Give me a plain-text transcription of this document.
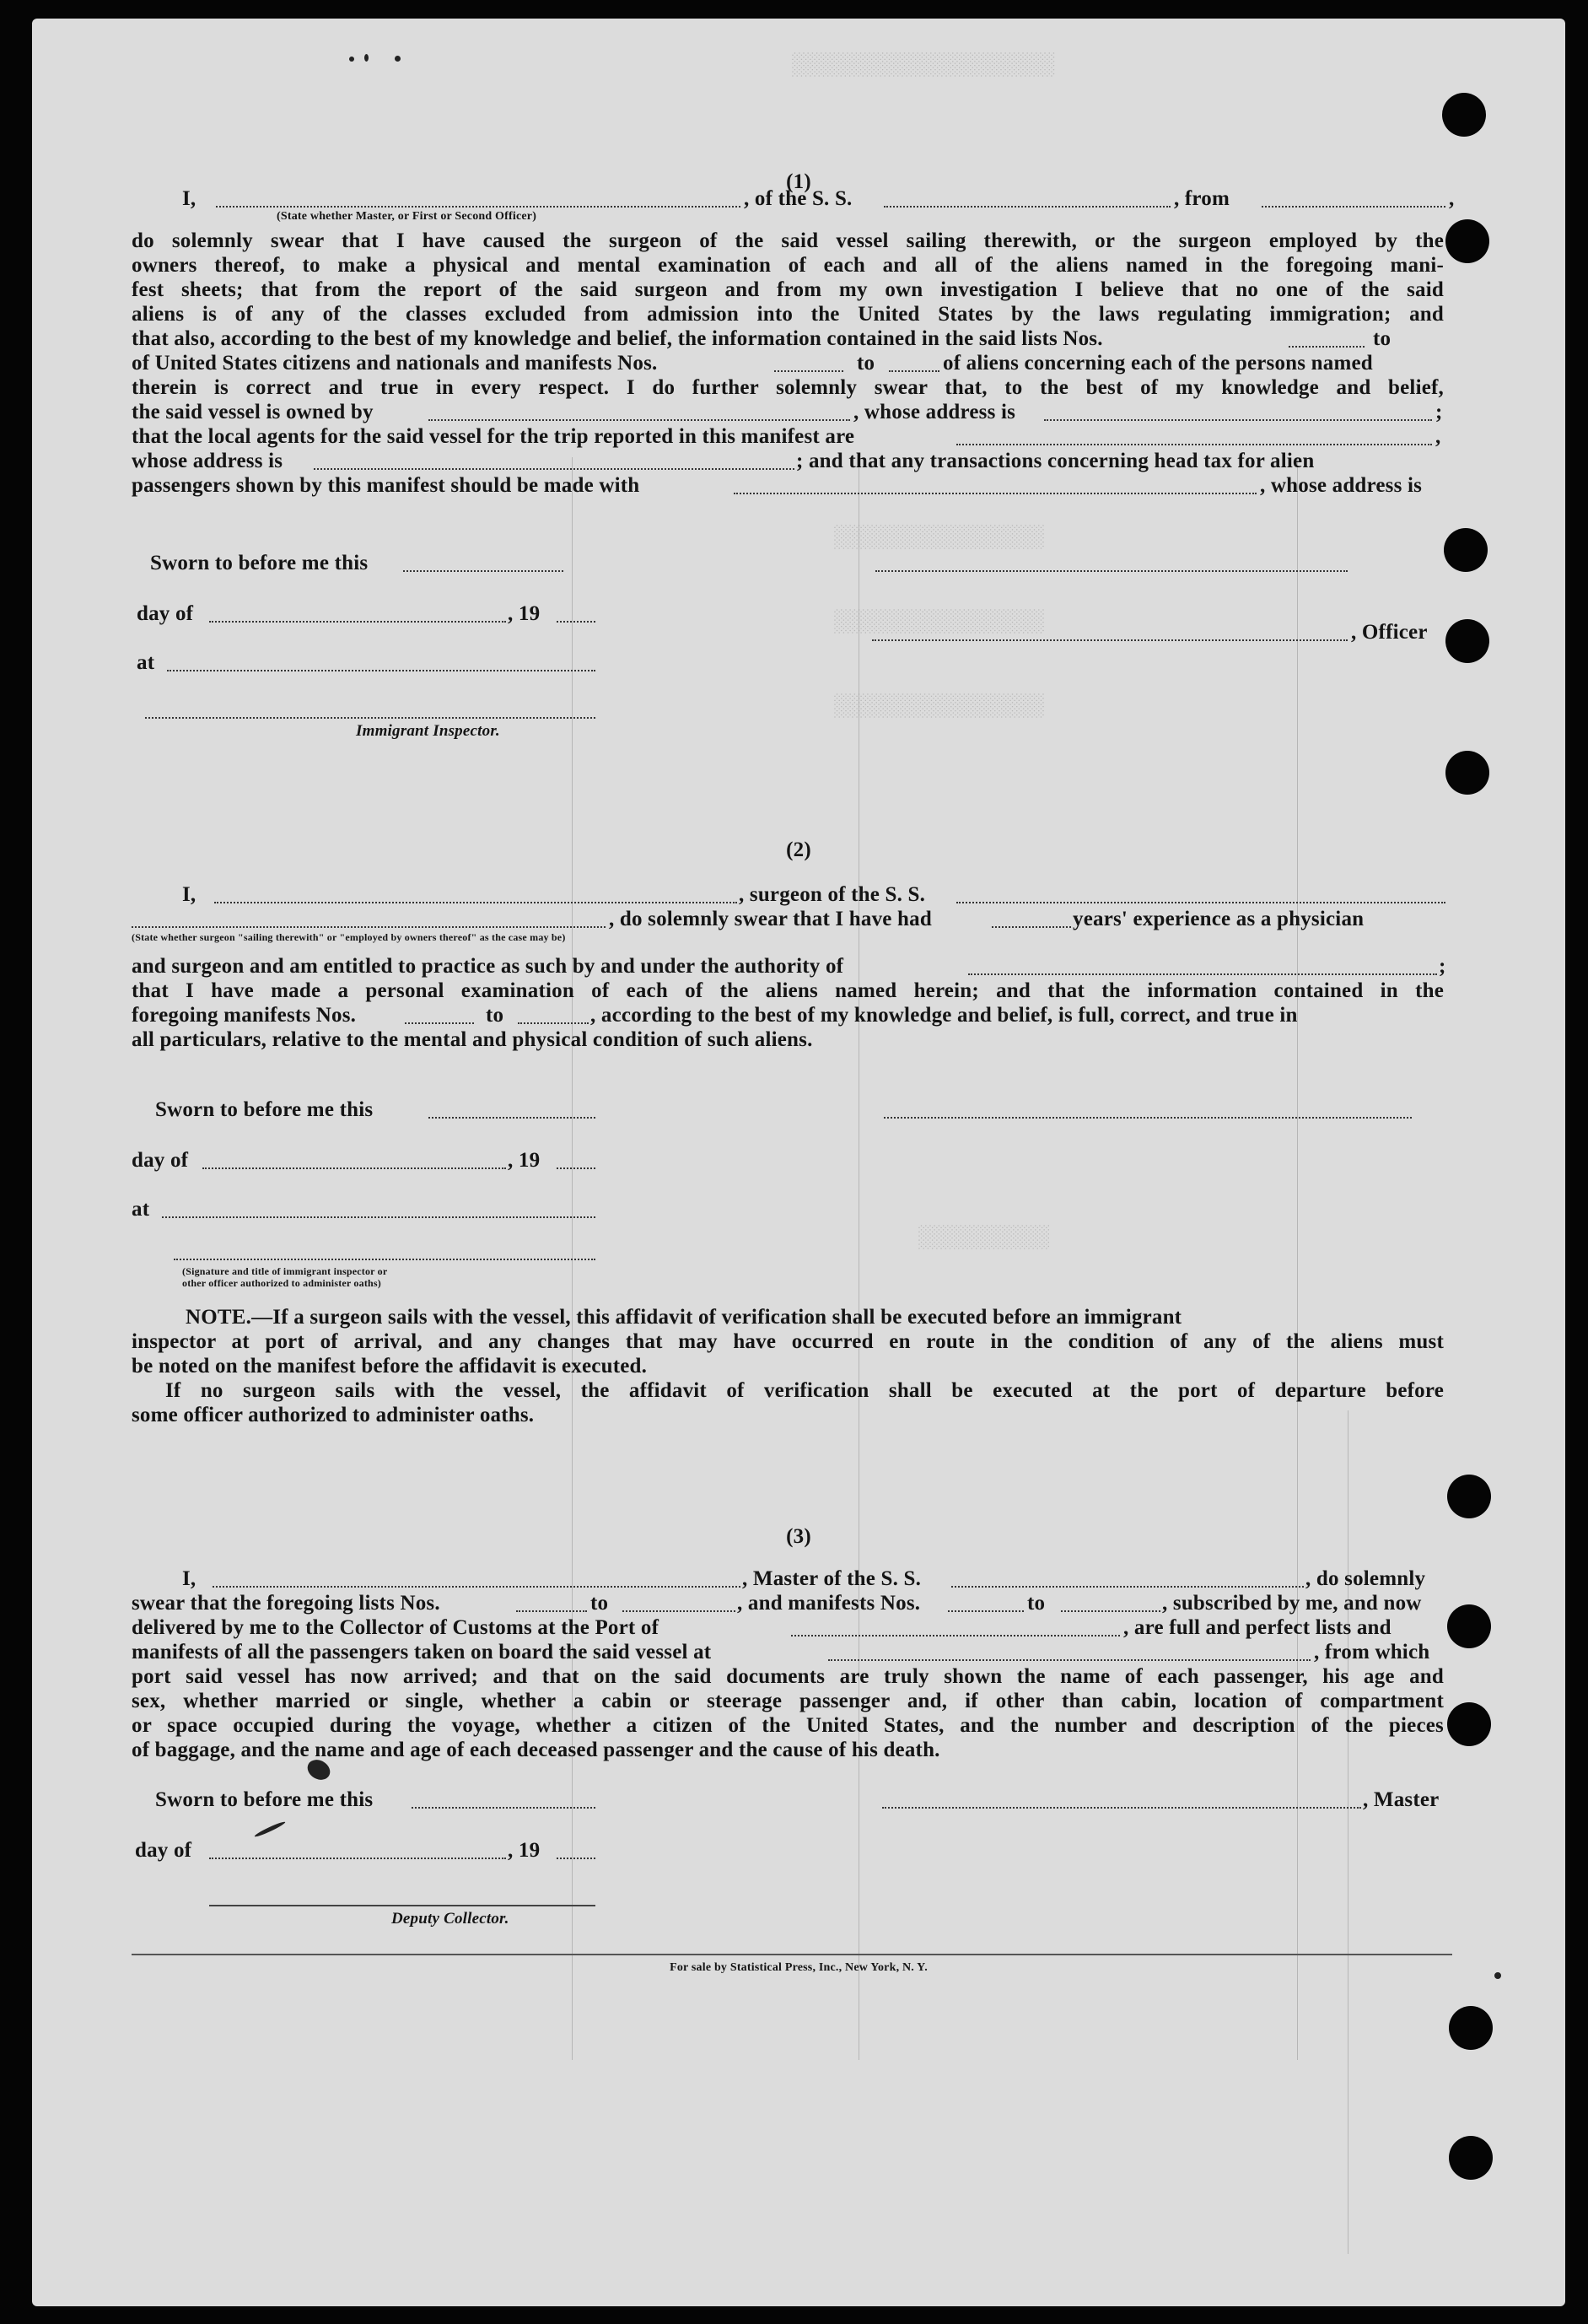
░░░░░░░░░░░░░░░░░░░░
░░░░░░░░░░░░░░░░
░░░░░░░░░░░░░░░░
░░░░░░░░░░░░░░░░
░░░░░░░░░░

(1)

I,	, of the S. S.	, from	,

(State whether Master, or First or Second Officer)

do solemnly swear that I have caused the surgeon of the said vessel sailing therewith, or the surgeon employed by the

owners thereof, to make a physical and mental examination of each and all of the aliens named in the foregoing mani-

fest sheets; that from the report of the said surgeon and from my own investigation I believe that no one of the said

aliens is of any of the classes excluded from admission into the United States by the laws regulating immigration; and

that also, according to the best of my knowledge and belief, the information contained in the said lists Nos.	to

of United States citizens and nationals and manifests Nos.	to	of aliens concerning each of the persons named

therein is correct and true in every respect. I do further solemnly swear that, to the best of my knowledge and belief,

the said vessel is owned by	, whose address is	;

that the local agents for the said vessel for the trip reported in this manifest are	,

whose address is	; and that any transactions concerning head tax for alien

passengers shown by this manifest should be made with	, whose address is

Sworn to before me this

day of	, 19

, Officer

at

Immigrant Inspector.

(2)

I,	, surgeon of the S. S.

, do solemnly swear that I have had	years' experience as a physician

(State whether surgeon "sailing therewith" or "employed by owners thereof" as the case may be)

and surgeon and am entitled to practice as such by and under the authority of	;

that I have made a personal examination of each of the aliens named herein; and that the information contained in the

foregoing manifests Nos.	to	, according to the best of my knowledge and belief, is full, correct, and true in

all particulars, relative to the mental and physical condition of such aliens.

Sworn to before me this

day of	, 19

at

(Signature and title of immigrant inspector or

other officer authorized to administer oaths)

NOTE.—If a surgeon sails with the vessel, this affidavit of verification shall be executed before an immigrant

inspector at port of arrival, and any changes that may have occurred en route in the condition of any of the aliens must

be noted on the manifest before the affidavit is executed.

If no surgeon sails with the vessel, the affidavit of verification shall be executed at the port of departure before

some officer authorized to administer oaths.

(3)

I,	, Master of the S. S.	, do solemnly

swear that the foregoing lists Nos.	to	, and manifests Nos.	to	, subscribed by me, and now

delivered by me to the Collector of Customs at the Port of	, are full and perfect lists and

manifests of all the passengers taken on board the said vessel at	, from which

port said vessel has now arrived; and that on the said documents are truly shown the name of each passenger, his age and

sex, whether married or single, whether a cabin or steerage passenger and, if other than cabin, location of compartment

or space occupied during the voyage, whether a citizen of the United States, and the number and description of the pieces

of baggage, and the name and age of each deceased passenger and the cause of his death.

Sworn to before me this	, Master

day of	, 19

Deputy Collector.

For sale by Statistical Press, Inc., New York, N. Y.
